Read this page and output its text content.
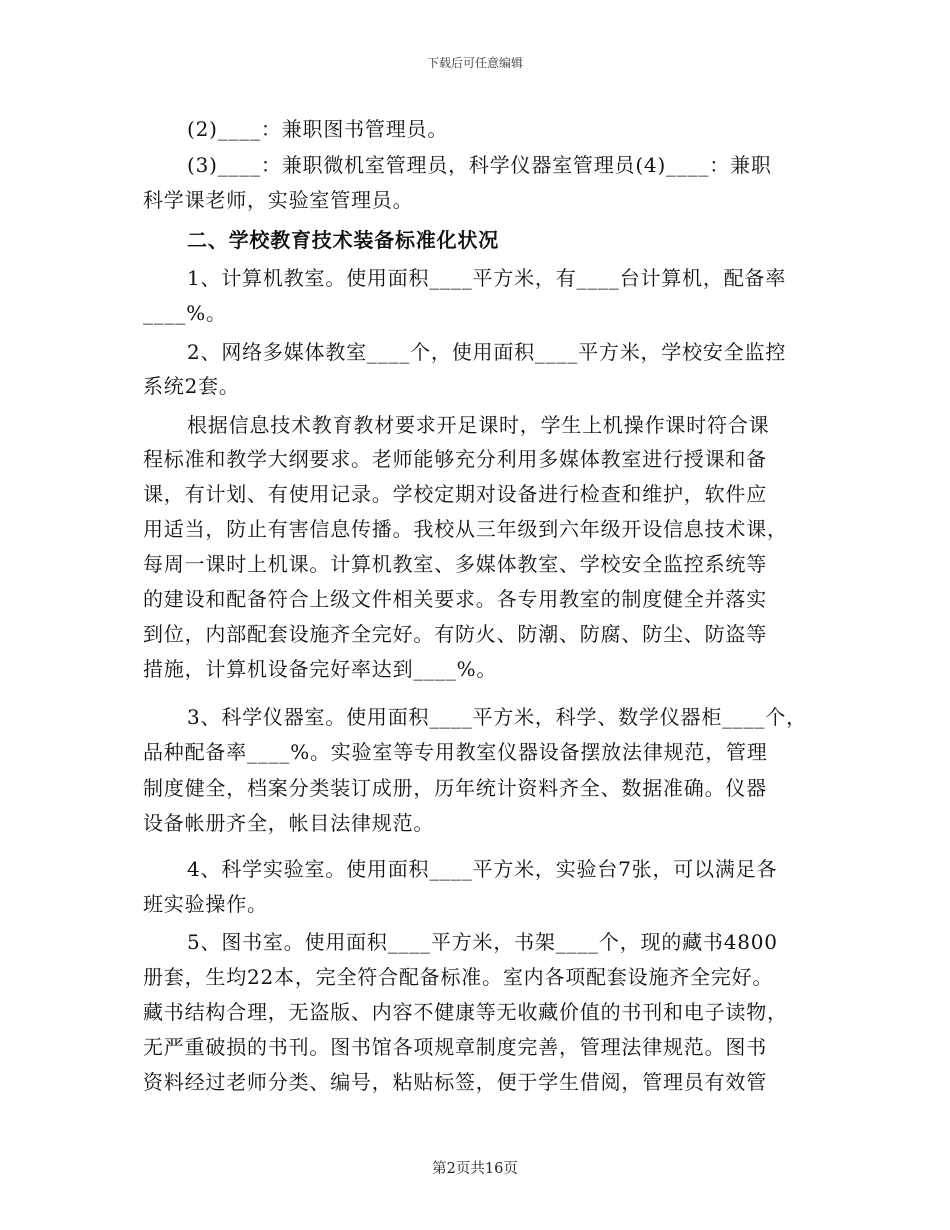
下载后可任意编辑
(2)____：兼职图书管理员。
(3)____：兼职微机室管理员，科学仪器室管理员(4)____：兼职
科学课老师，实验室管理员。
二、学校教育技术装备标准化状况
1、计算机教室。使用面积____平方米，有____台计算机，配备率
____%。
2、网络多媒体教室____个，使用面积____平方米，学校安全监控
系统2套。
根据信息技术教育教材要求开足课时，学生上机操作课时符合课
程标准和教学大纲要求。老师能够充分利用多媒体教室进行授课和备
课，有计划、有使用记录。学校定期对设备进行检查和维护，软件应
用适当，防止有害信息传播。我校从三年级到六年级开设信息技术课，
每周一课时上机课。计算机教室、多媒体教室、学校安全监控系统等
的建设和配备符合上级文件相关要求。各专用教室的制度健全并落实
到位，内部配套设施齐全完好。有防火、防潮、防腐、防尘、防盗等
措施，计算机设备完好率达到____%。
3、科学仪器室。使用面积____平方米，科学、数学仪器柜____个，
品种配备率____%。实验室等专用教室仪器设备摆放法律规范，管理
制度健全，档案分类装订成册，历年统计资料齐全、数据准确。仪器
设备帐册齐全，帐目法律规范。
4、科学实验室。使用面积____平方米，实验台7张，可以满足各
班实验操作。
5、图书室。使用面积____平方米，书架____个，现的藏书4800
册套，生均22本，完全符合配备标准。室内各项配套设施齐全完好。
藏书结构合理，无盗版、内容不健康等无收藏价值的书刊和电子读物，
无严重破损的书刊。图书馆各项规章制度完善，管理法律规范。图书
资料经过老师分类、编号，粘贴标签，便于学生借阅，管理员有效管
第2页共16页
